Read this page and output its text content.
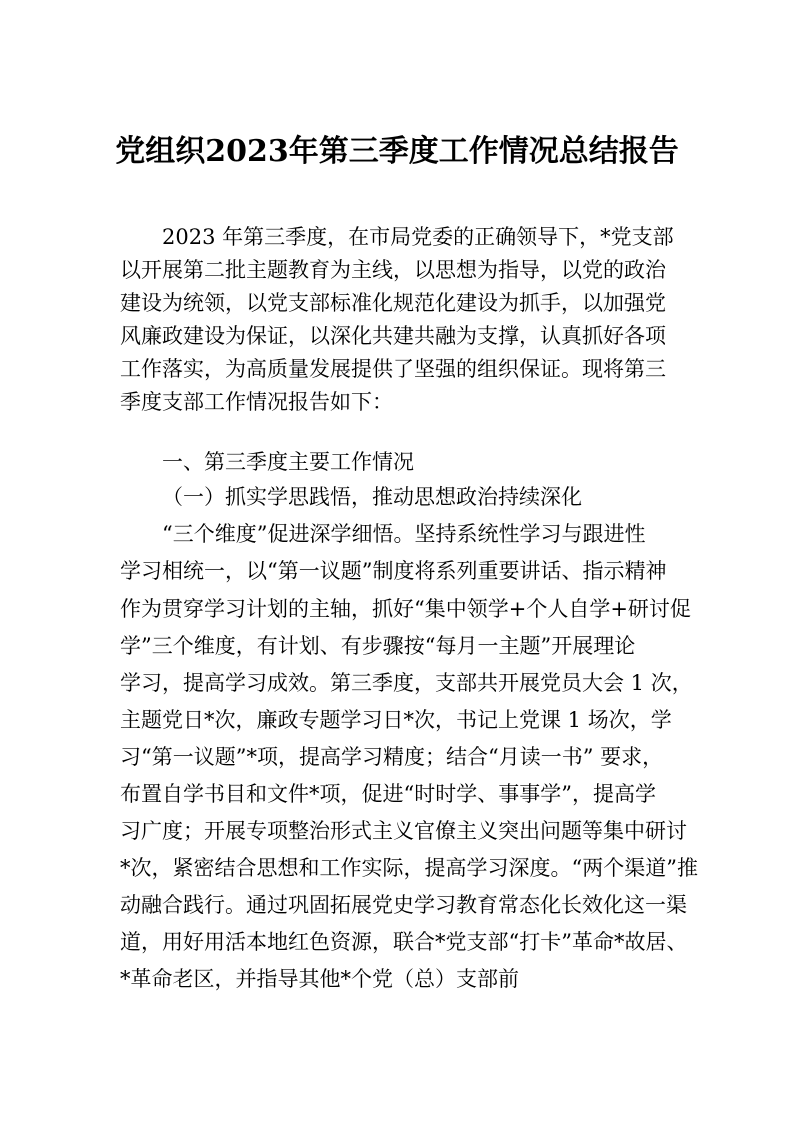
党组织2023年第三季度工作情况总结报告
2023 年第三季度，在市局党委的正确领导下，*党支部
以开展第二批主题教育为主线，以思想为指导，以党的政治
建设为统领，以党支部标准化规范化建设为抓手，以加强党
风廉政建设为保证，以深化共建共融为支撑，认真抓好各项
工作落实，为高质量发展提供了坚强的组织保证。现将第三
季度支部工作情况报告如下：
一、第三季度主要工作情况
（一）抓实学思践悟，推动思想政治持续深化
“三个维度”促进深学细悟。坚持系统性学习与跟进性
学习相统一，以“第一议题”制度将系列重要讲话、指示精神
作为贯穿学习计划的主轴，抓好“集中领学+个人自学+研讨促
学”三个维度，有计划、有步骤按“每月一主题”开展理论
学习，提高学习成效。第三季度，支部共开展党员大会 1 次，
主题党日*次，廉政专题学习日*次，书记上党课 1 场次，学
习“第一议题”*项，提高学习精度；结合“月读一书” 要求，
布置自学书目和文件*项，促进“时时学、事事学”，提高学
习广度；开展专项整治形式主义官僚主义突出问题等集中研讨
*次，紧密结合思想和工作实际，提高学习深度。“两个渠道”推
动融合践行。通过巩固拓展党史学习教育常态化长效化这一渠
道，用好用活本地红色资源，联合*党支部“打卡”革命*故居、
*革命老区，并指导其他*个党（总）支部前
